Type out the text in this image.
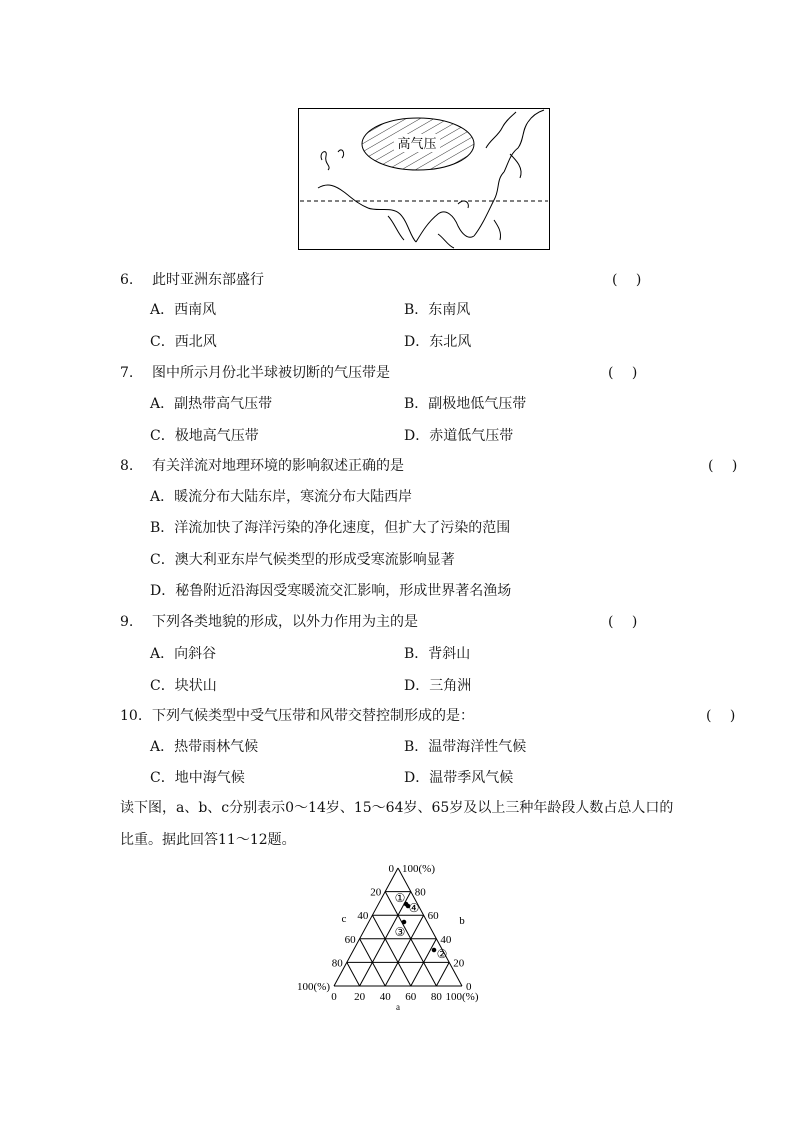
高气压
6. 此时亚洲东部盛行	(　 )
A．西南风	B．东南风
C．西北风	D．东北风
7. 图中所示月份北半球被切断的气压带是	(　 )
A．副热带高气压带	B．副极地低气压带
C．极地高气压带	D．赤道低气压带
8. 有关洋流对地理环境的影响叙述正确的是	(　 )
A．暖流分布大陆东岸，寒流分布大陆西岸
B．洋流加快了海洋污染的净化速度，但扩大了污染的范围
C．澳大利亚东岸气候类型的形成受寒流影响显著
D．秘鲁附近沿海因受寒暖流交汇影响，形成世界著名渔场
9. 下列各类地貌的形成，以外力作用为主的是	(　 )
A．向斜谷	B．背斜山
C．块状山	D．三角洲
10. 下列气候类型中受气压带和风带交替控制形成的是：	(　 )
A．热带雨林气候	B．温带海洋性气候
C．地中海气候	D．温带季风气候
读下图，a、b、c分别表示0～14岁、15～64岁、65岁及以上三种年龄段人数占总人口的
比重。据此回答11～12题。
0
20
40
60
80
100(%)
100(%)
80
60
40
20
0
0 20 40 60 80 100(%)
c	b
a
①
②
③
④
